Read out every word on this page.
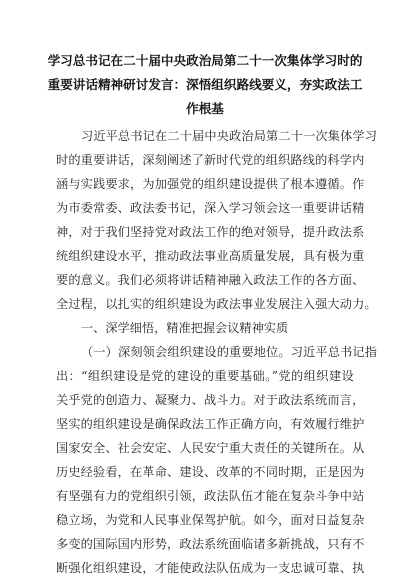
学习总书记在二十届中央政治局第二十一次集体学习时的
重要讲话精神研讨发言：深悟组织路线要义，夯实政法工
作根基
习近平总书记在二十届中央政治局第二十一次集体学习
时的重要讲话，深刻阐述了新时代党的组织路线的科学内
涵与实践要求，为加强党的组织建设提供了根本遵循。作
为市委常委、政法委书记，深入学习领会这一重要讲话精
神，对于我们坚持党对政法工作的绝对领导，提升政法系
统组织建设水平，推动政法事业高质量发展，具有极为重
要的意义。我们必须将讲话精神融入政法工作的各方面、
全过程，以扎实的组织建设为政法事业发展注入强大动力。
一、深学细悟，精准把握会议精神实质
（一）深刻领会组织建设的重要地位。习近平总书记指
出：“组织建设是党的建设的重要基础。”党的组织建设
关乎党的创造力、凝聚力、战斗力。对于政法系统而言，
坚实的组织建设是确保政法工作正确方向，有效履行维护
国家安全、社会安定、人民安宁重大责任的关键所在。从
历史经验看，在革命、建设、改革的不同时期，正是因为
有坚强有力的党组织引领，政法队伍才能在复杂斗争中站
稳立场，为党和人民事业保驾护航。如今，面对日益复杂
多变的国际国内形势，政法系统面临诸多新挑战，只有不
断强化组织建设，才能使政法队伍成为一支忠诚可靠、执
